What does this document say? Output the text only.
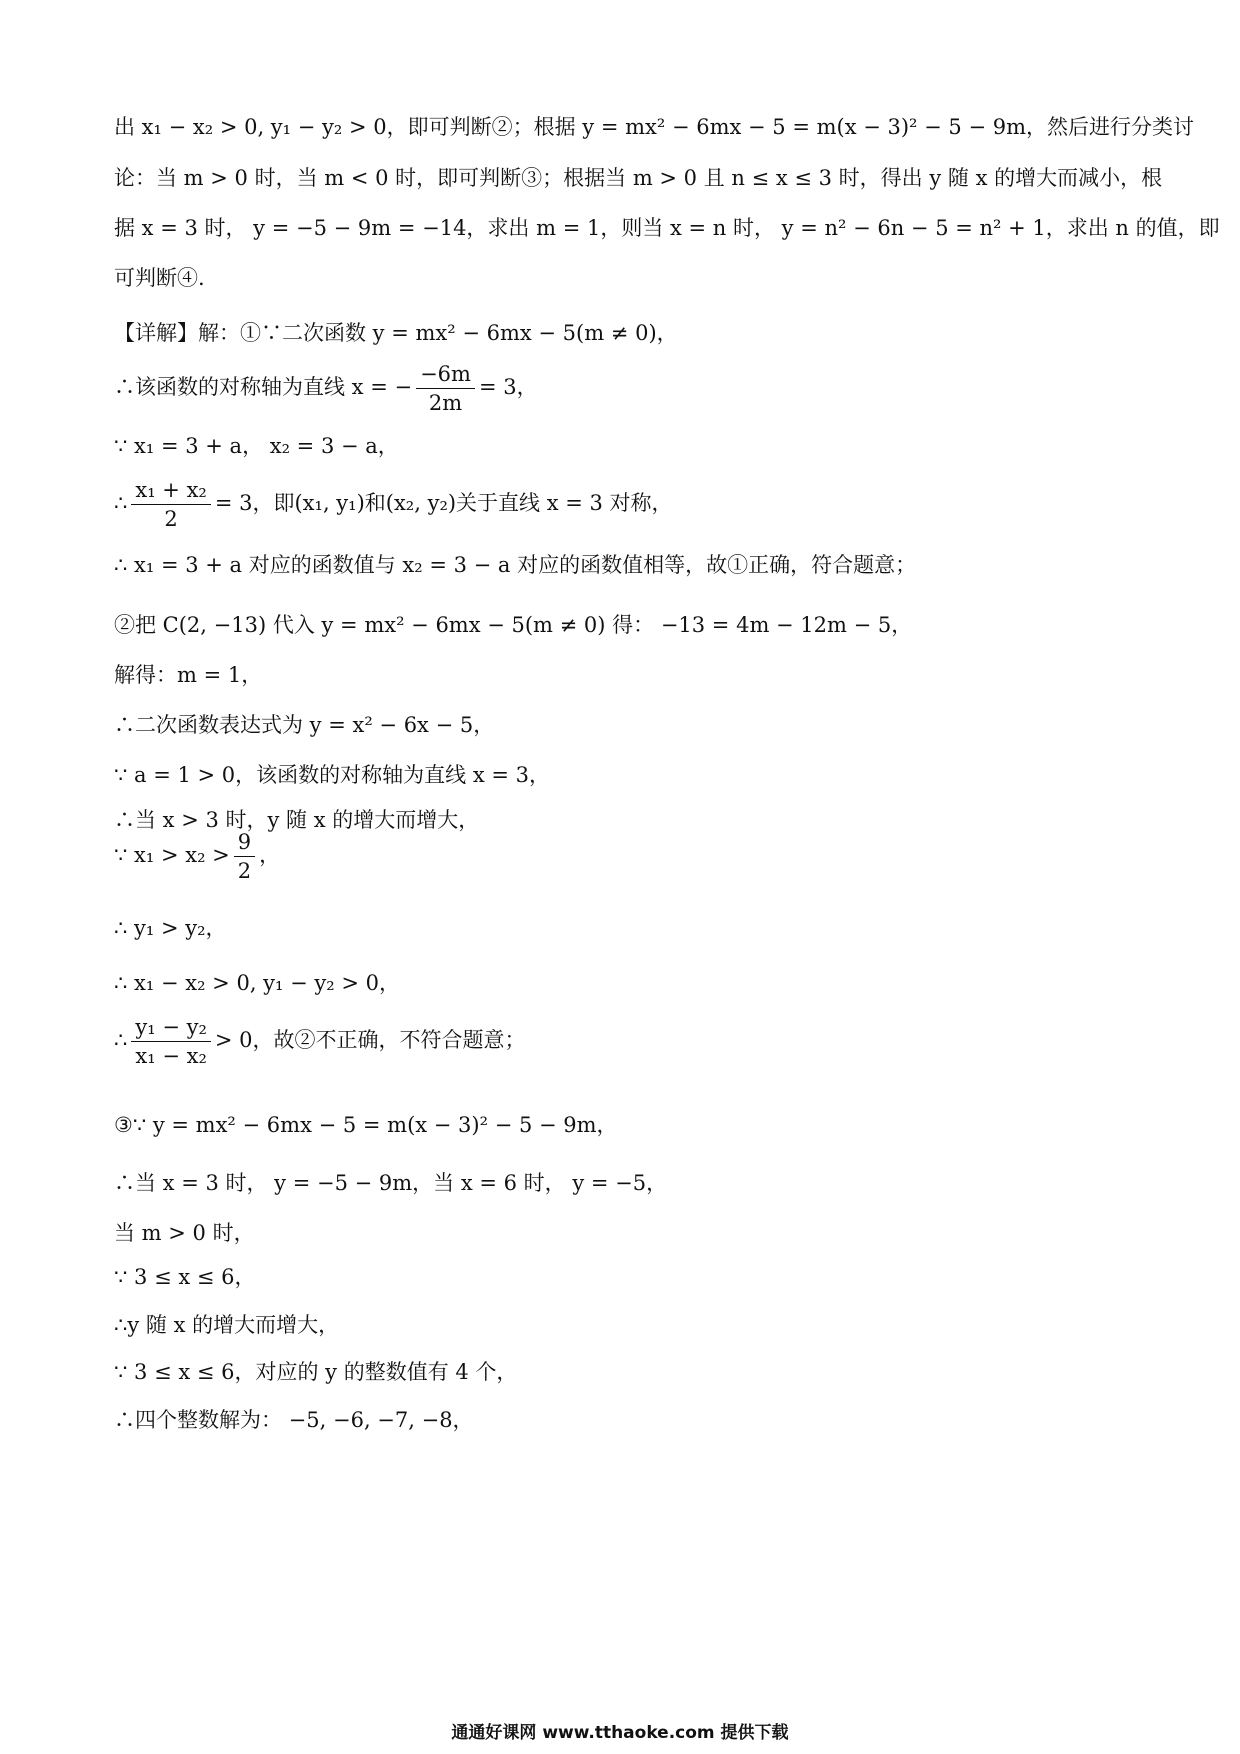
出 x₁ − x₂ > 0, y₁ − y₂ > 0，即可判断②；根据 y = mx² − 6mx − 5 = m(x − 3)² − 5 − 9m，然后进行分类讨
论：当 m > 0 时，当 m < 0 时，即可判断③；根据当 m > 0 且 n ≤ x ≤ 3 时，得出 y 随 x 的增大而减小，根
据 x = 3 时， y = −5 − 9m = −14，求出 m = 1，则当 x = n 时， y = n² − 6n − 5 = n² + 1，求出 n 的值，即
可判断④.
【详解】解：①∵二次函数 y = mx² − 6mx − 5(m ≠ 0)，
∴该函数的对称轴为直线 x = − $\frac{-6m}{2m} = 3$，
∵ x₁ = 3 + a， x₂ = 3 − a，
∴ $\frac{\text{x₁ + x₂}}{2} = 3$，即(x₁, y₁)和(x₂, y₂)关于直线 x = 3 对称，
∴ x₁ = 3 + a 对应的函数值与 x₂ = 3 − a 对应的函数值相等，故①正确，符合题意；
②把 C(2, −13) 代入 y = mx² − 6mx − 5(m ≠ 0) 得： −13 = 4m − 12m − 5，
解得：m = 1，
∴二次函数表达式为 y = x² − 6x − 5，
∵ a = 1 > 0，该函数的对称轴为直线 x = 3，
∴当 x > 3 时，y 随 x 的增大而增大，
∵ $x_1 > x_2 > \frac{9}{2}$ ，
∴ y₁ > y₂，
∴ x₁ − x₂ > 0, y₁ − y₂ > 0，
∴ $\frac{\text{y₁ − y₂}}{\text{x₁ − x₂}} > 0$，故②不正确，不符合题意；
③∵ y = mx² − 6mx − 5 = m(x − 3)² − 5 − 9m，
∴当 x = 3 时， y = −5 − 9m，当 x = 6 时， y = −5，
当 m > 0 时，
∵ 3 ≤ x ≤ 6，
∴y 随 x 的增大而增大，
∵ 3 ≤ x ≤ 6，对应的 y 的整数值有 4 个，
∴四个整数解为： −5, −6, −7, −8，
通通好课网 www.tthaoke.com 提供下载
